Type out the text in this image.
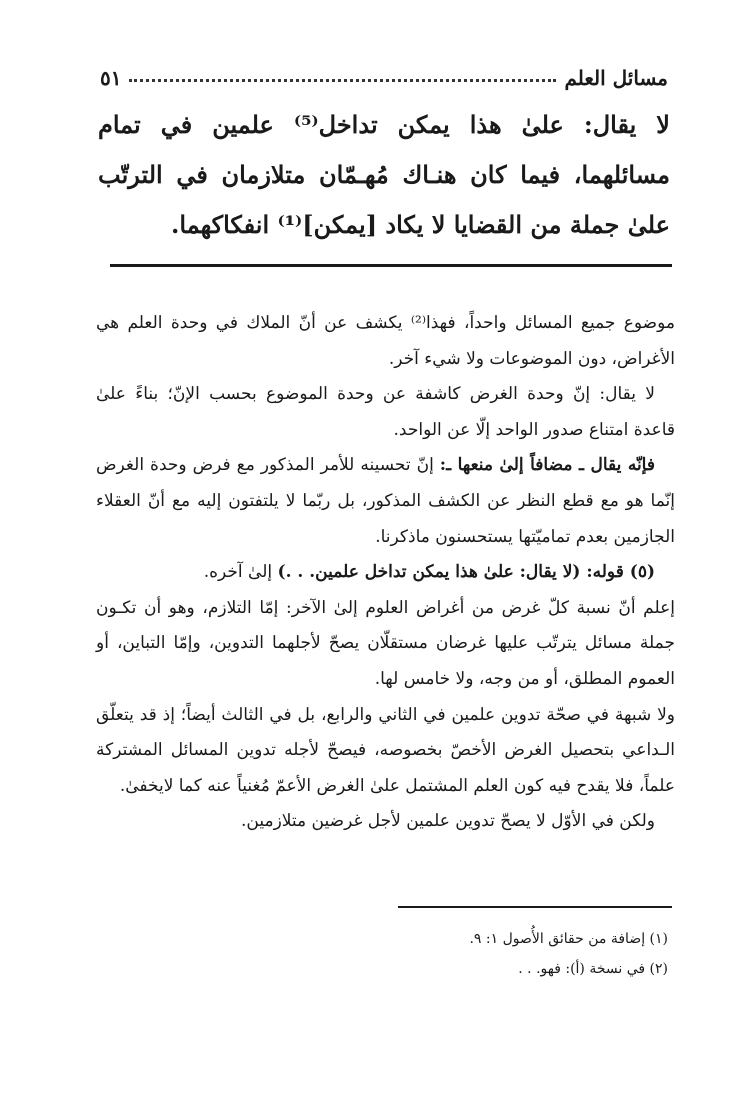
مسائل العلم
٥١

لا يقال: علىٰ هذا يمكن تداخل⁽⁵⁾ علمين في تمام مسائلهما، فيما كان هنـاك مُهـمّان متلازمان في الترتّب علىٰ جملة من القضايا لا يكاد [يمكن]⁽¹⁾ انفكاكهما.

موضوع جميع المسائل واحداً، فهذا⁽²⁾ يكشف عن أنّ الملاك في وحدة العلم هي الأغراض، دون الموضوعات ولا شيء آخر.

لا يقال: إنّ وحدة الغرض كاشفة عن وحدة الموضوع بحسب الإنّ؛ بناءً علىٰ قاعدة امتناع صدور الواحد إلّا عن الواحد.

فإنّه يقال ـ مضافاً إلىٰ منعها ـ: إنّ تحسينه للأمر المذكور مع فرض وحدة الغرض إنّما هو مع قطع النظر عن الكشف المذكور، بل ربّما لا يلتفتون إليه مع أنّ العقلاء الجازمين بعدم تماميّتها يستحسنون ماذكرنا.

(٥) قوله: (لا يقال: علىٰ هذا يمكن تداخل علمين. . .) إلىٰ آخره.

إعلم أنّ نسبة كلّ غرض من أغراض العلوم إلىٰ الآخر: إمّا التلازم، وهو أن تكـون جملة مسائل يترتّب عليها غرضان مستقلّان يصحّ لأجلهما التدوين، وإمّا التباين، أو العموم المطلق، أو من وجه، ولا خامس لها.

ولا شبهة في صحّة تدوين علمين في الثاني والرابع، بل في الثالث أيضاً؛ إذ قد يتعلّق الـداعي بتحصيل الغرض الأخصّ بخصوصه، فيصحّ لأجله تدوين المسائل المشتركة علماً، فلا يقدح فيه كون العلم المشتمل علىٰ الغرض الأعمّ مُغنياً عنه كما لايخفىٰ.

ولكن في الأوّل لا يصحّ تدوين علمين لأجل غرضين متلازمين.

(١) إضافة من حقائق الأُصول ١: ٩.

(٢) في نسخة (أ): فهو. . .
